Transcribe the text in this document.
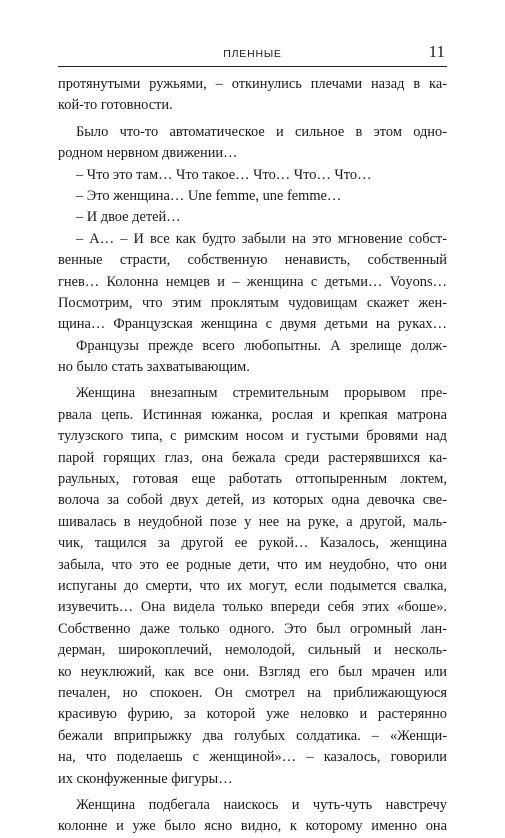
ПЛЕННЫЕ	11
протянутыми ружьями, – откинулись плечами назад в ка-
кой-то готовности.
Было что-то автоматическое и сильное в этом одно-
родном нервном движении…
– Что это там… Что такое… Что… Что… Что…
– Это женщина… Une femme, une femme…
– И двое детей…
– А… – И все как будто забыли на это мгновение собст-
венные страсти, собственную ненависть, собственный
гнев… Колонна немцев и – женщина с детьми… Voyons…
Посмотрим, что этим проклятым чудовищам скажет жен-
щина… Французская женщина с двумя детьми на руках…
Французы прежде всего любопытны. А зрелище долж-
но было стать захватывающим.
Женщина внезапным стремительным прорывом пре-
рвала цепь. Истинная южанка, рослая и крепкая матрона
тулузского типа, с римским носом и густыми бровями над
парой горящих глаз, она бежала среди растерявшихся ка-
раульных, готовая еще работать оттопыренным локтем,
волоча за собой двух детей, из которых одна девочка све-
шивалась в неудобной позе у нее на руке, а другой, маль-
чик, тащился за другой ее рукой… Казалось, женщина
забыла, что это ее родные дети, что им неудобно, что они
испуганы до смерти, что их могут, если подымется свалка,
изувечить… Она видела только впереди себя этих «боше».
Собственно даже только одного. Это был огромный лан-
дерман, широкоплечий, немолодой, сильный и несколь-
ко неуклюжий, как все они. Взгляд его был мрачен или
печален, но спокоен. Он смотрел на приближающуюся
красивую фурию, за которой уже неловко и растерянно
бежали вприпрыжку два голубых солдатика. – «Женщи-
на, что поделаешь с женщиной»… – казалось, говорили
их сконфуженные фигуры…
Женщина подбегала наискось и чуть-чуть навстречу
колонне и уже было ясно видно, к которому именно она
